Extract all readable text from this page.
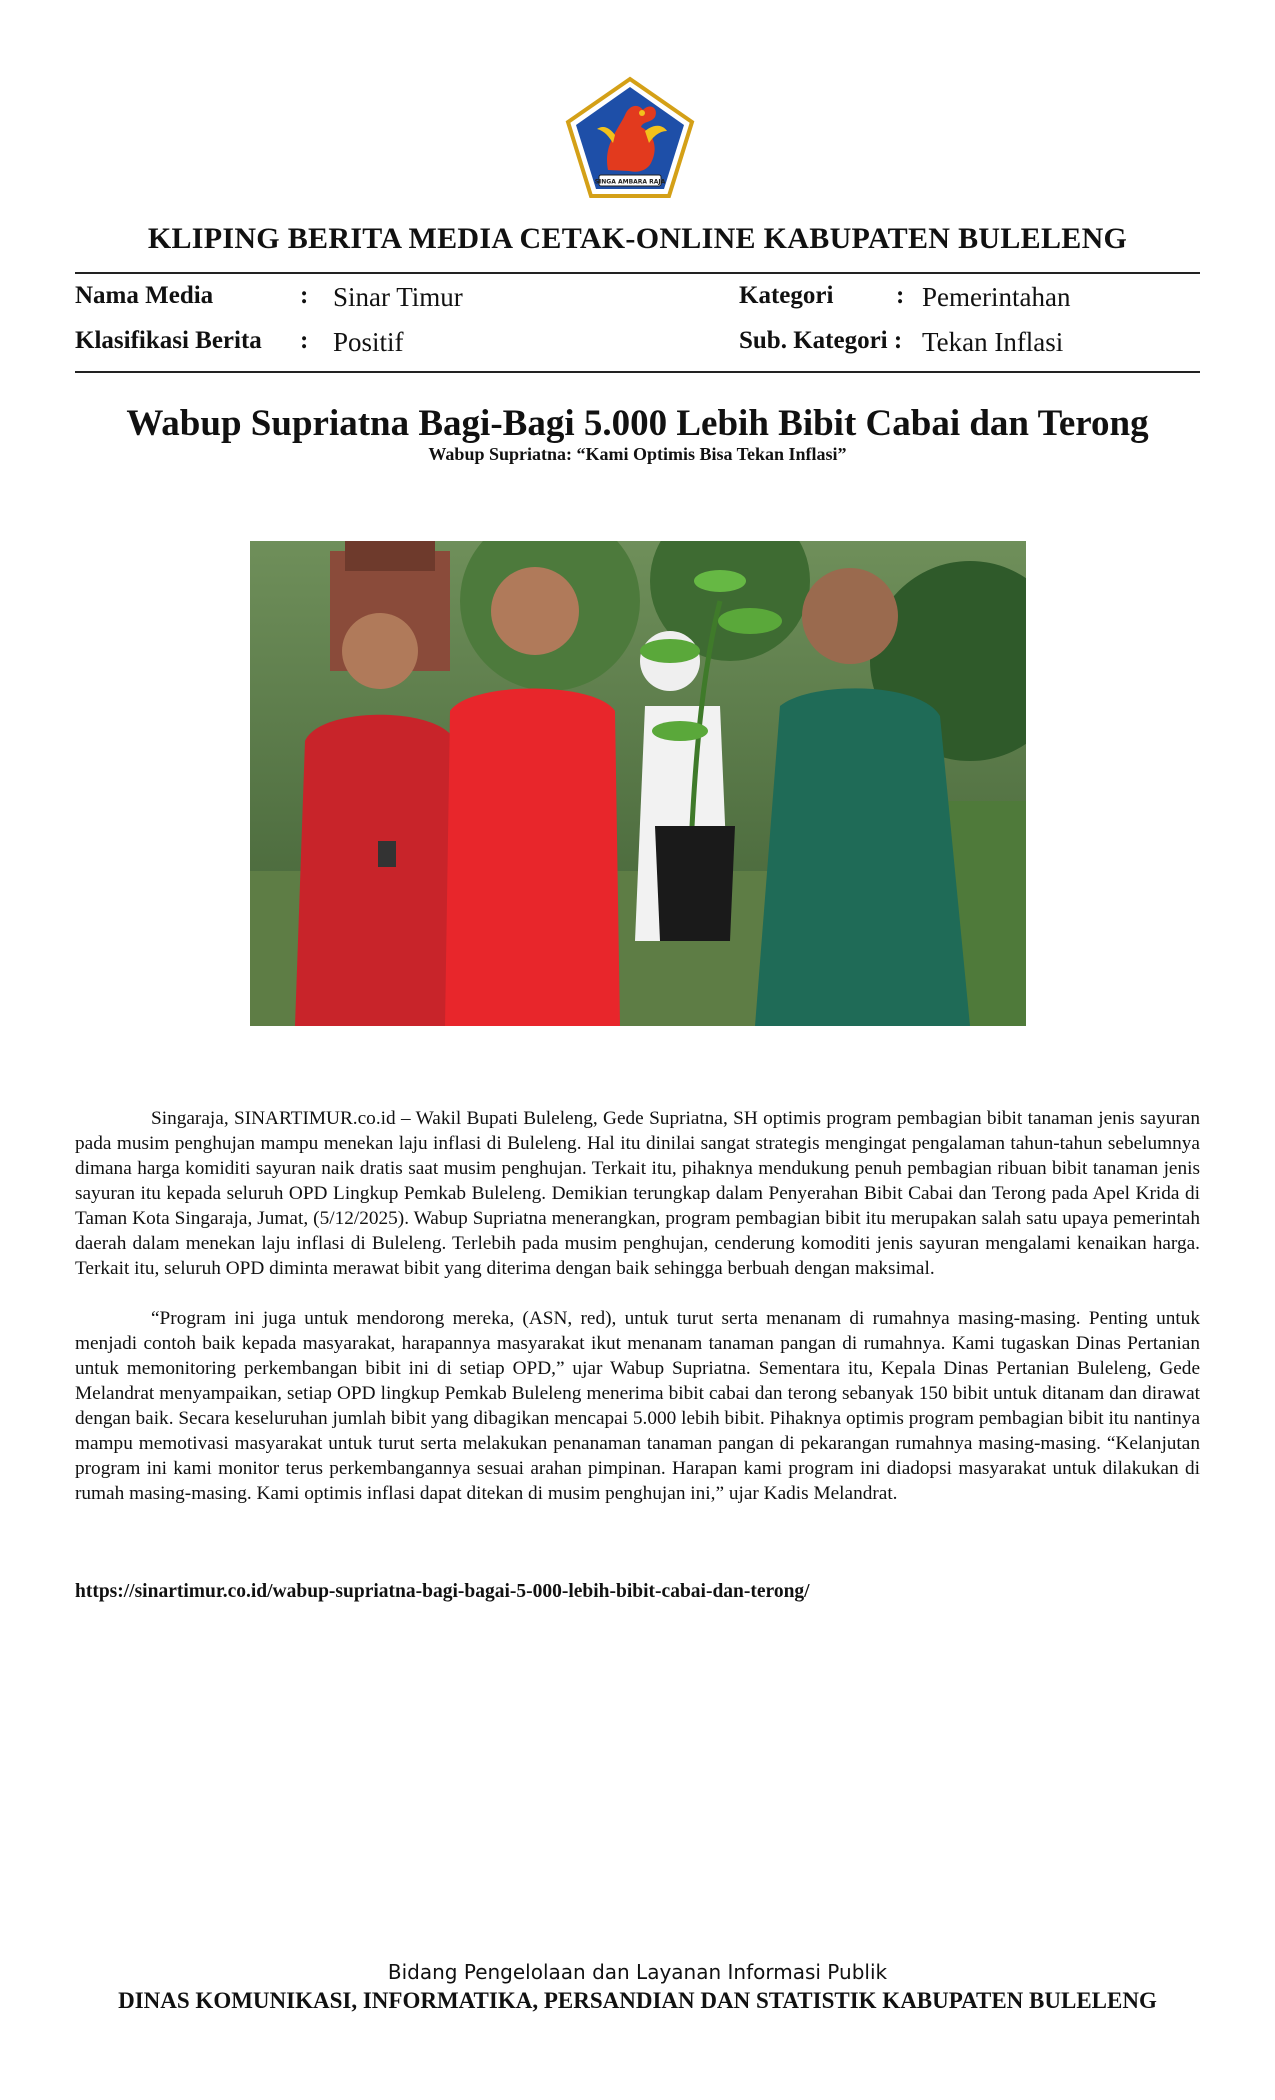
SINGA AMBARA RAJA
KLIPING BERITA MEDIA CETAK-ONLINE KABUPATEN BULELENG
Nama Media	: Sinar Timur	Kategori	: Pemerintahan
Klasifikasi Berita : Positif	Sub. Kategori : Tekan Inflasi
Wabup Supriatna Bagi-Bagi 5.000 Lebih Bibit Cabai dan Terong
Wabup Supriatna: “Kami Optimis Bisa Tekan Inflasi”

Singaraja, SINARTIMUR.co.id – Wakil Bupati Buleleng, Gede Supriatna, SH optimis program pembagian bibit tanaman jenis sayuran pada musim penghujan mampu menekan laju inflasi di Buleleng. Hal itu dinilai sangat strategis mengingat pengalaman tahun-tahun sebelumnya dimana harga komiditi sayuran naik dratis saat musim penghujan. Terkait itu, pihaknya mendukung penuh pembagian ribuan bibit tanaman jenis sayuran itu kepada seluruh OPD Lingkup Pemkab Buleleng. Demikian terungkap dalam Penyerahan Bibit Cabai dan Terong pada Apel Krida di Taman Kota Singaraja, Jumat, (5/12/2025). Wabup Supriatna menerangkan, program pembagian bibit itu merupakan salah satu upaya pemerintah daerah dalam menekan laju inflasi di Buleleng. Terlebih pada musim penghujan, cenderung komoditi jenis sayuran mengalami kenaikan harga. Terkait itu, seluruh OPD diminta merawat bibit yang diterima dengan baik sehingga berbuah dengan maksimal.

“Program ini juga untuk mendorong mereka, (ASN, red), untuk turut serta menanam di rumahnya masing-masing. Penting untuk menjadi contoh baik kepada masyarakat, harapannya masyarakat ikut menanam tanaman pangan di rumahnya. Kami tugaskan Dinas Pertanian untuk memonitoring perkembangan bibit ini di setiap OPD,” ujar Wabup Supriatna. Sementara itu, Kepala Dinas Pertanian Buleleng, Gede Melandrat menyampaikan, setiap OPD lingkup Pemkab Buleleng menerima bibit cabai dan terong sebanyak 150 bibit untuk ditanam dan dirawat dengan baik. Secara keseluruhan jumlah bibit yang dibagikan mencapai 5.000 lebih bibit. Pihaknya optimis program pembagian bibit itu nantinya mampu memotivasi masyarakat untuk turut serta melakukan penanaman tanaman pangan di pekarangan rumahnya masing-masing. “Kelanjutan program ini kami monitor terus perkembangannya sesuai arahan pimpinan. Harapan kami program ini diadopsi masyarakat untuk dilakukan di rumah masing-masing. Kami optimis inflasi dapat ditekan di musim penghujan ini,” ujar Kadis Melandrat.

https://sinartimur.co.id/wabup-supriatna-bagi-bagai-5-000-lebih-bibit-cabai-dan-terong/
Bidang Pengelolaan dan Layanan Informasi Publik
DINAS KOMUNIKASI, INFORMATIKA, PERSANDIAN DAN STATISTIK KABUPATEN BULELENG
